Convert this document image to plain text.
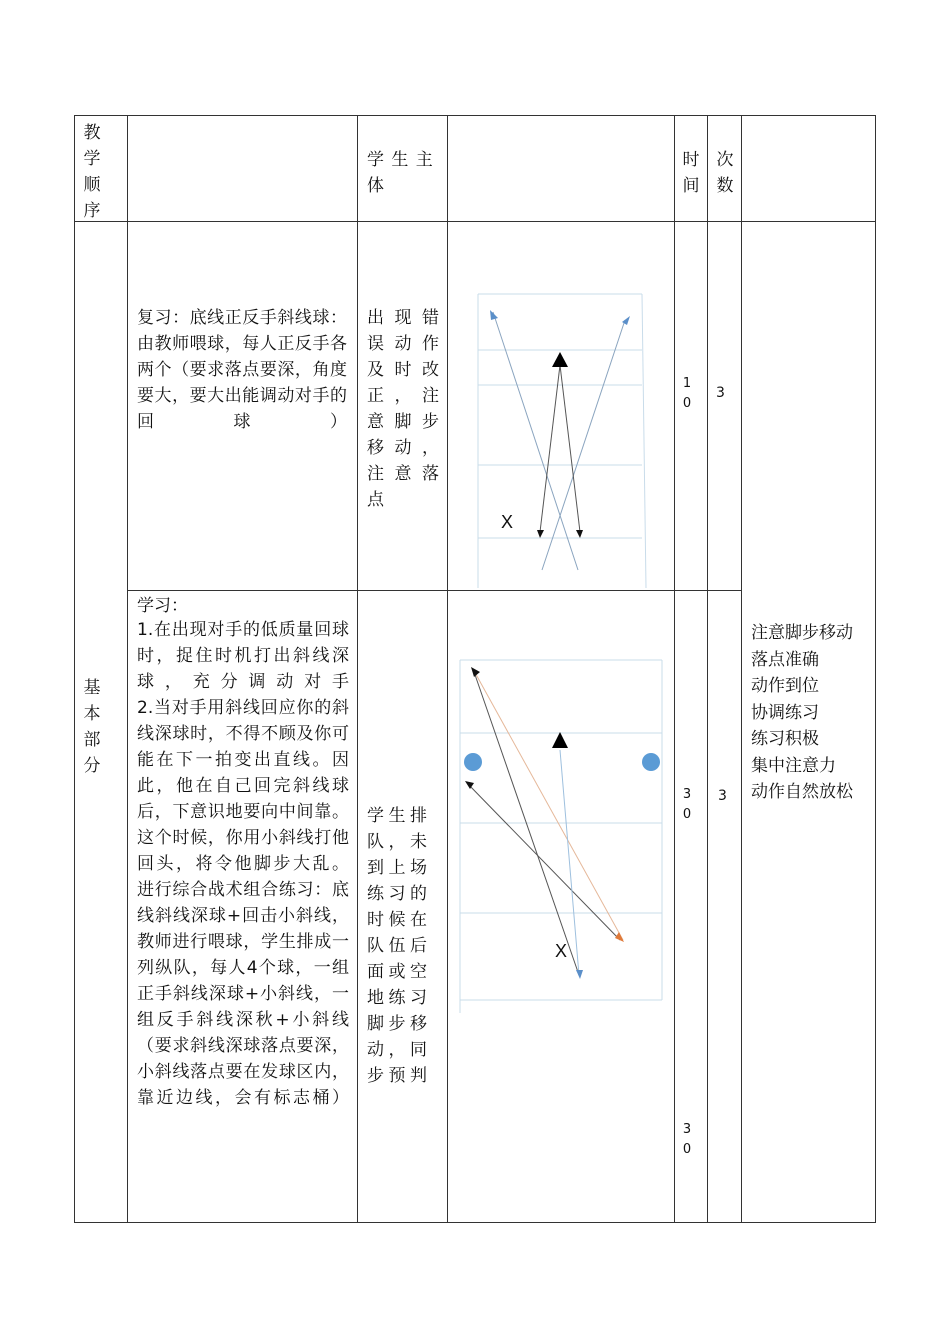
教学顺序
学 生 主 体
时间
次数
基本部分
复习：底线正反手斜线球：由教师喂球，每人正反手各两个（要求落点要深，角度要大，要大出能调动对手的回球）
出 现 错 误 动 作 及 时 改 正 ， 注 意 脚 步 移 动 ， 注 意 落 点
X
10
3
学习：
1.在出现对手的低质量回球时，捉住时机打出斜线深球，充分调动对手
2.当对手用斜线回应你的斜线深球时，不得不顾及你可能在下一拍变出直线。因此，他在自己回完斜线球后，下意识地要向中间靠。这个时候，你用小斜线打他回头，将令他脚步大乱。
进行综合战术组合练习：底线斜线深球+回击小斜线，教师进行喂球，学生排成一列纵队，每人4个球，一组正手斜线深球+小斜线，一组反手斜线深秋+小斜线（要求斜线深球落点要深，小斜线落点要在发球区内，靠近边线，会有标志桶）
学生排队，未到上场练习的时候在队伍后面或空地练习脚步移动，同步预判
X
30
30
3
注意脚步移动
落点准确
动作到位
协调练习
练习积极
集中注意力
动作自然放松
